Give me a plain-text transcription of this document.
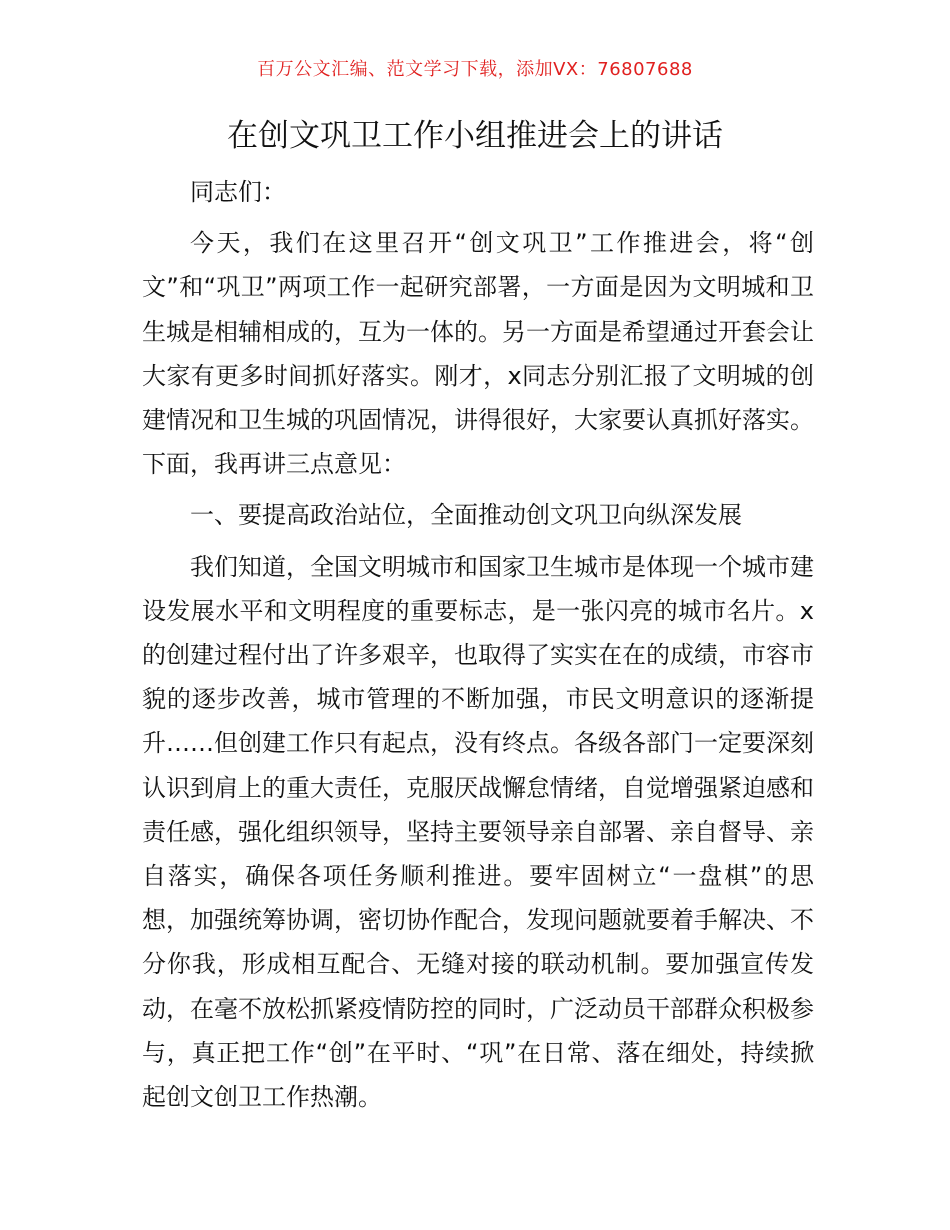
百万公文汇编、范文学习下载，添加VX：76807688
在创文巩卫工作小组推进会上的讲话

同志们：

今天，我们在这里召开“创文巩卫”工作推进会，将“创文”和“巩卫”两项工作一起研究部署，一方面是因为文明城和卫生城是相辅相成的，互为一体的。另一方面是希望通过开套会让大家有更多时间抓好落实。刚才，x同志分别汇报了文明城的创建情况和卫生城的巩固情况，讲得很好，大家要认真抓好落实。下面，我再讲三点意见：

一、要提高政治站位，全面推动创文巩卫向纵深发展

我们知道，全国文明城市和国家卫生城市是体现一个城市建设发展水平和文明程度的重要标志，是一张闪亮的城市名片。x的创建过程付出了许多艰辛，也取得了实实在在的成绩，市容市貌的逐步改善，城市管理的不断加强，市民文明意识的逐渐提升……但创建工作只有起点，没有终点。各级各部门一定要深刻认识到肩上的重大责任，克服厌战懈怠情绪，自觉增强紧迫感和责任感，强化组织领导，坚持主要领导亲自部署、亲自督导、亲自落实，确保各项任务顺利推进。要牢固树立“一盘棋”的思想，加强统筹协调，密切协作配合，发现问题就要着手解决、不分你我，形成相互配合、无缝对接的联动机制。要加强宣传发动，在毫不放松抓紧疫情防控的同时，广泛动员干部群众积极参与，真正把工作“创”在平时、“巩”在日常、落在细处，持续掀起创文创卫工作热潮。
